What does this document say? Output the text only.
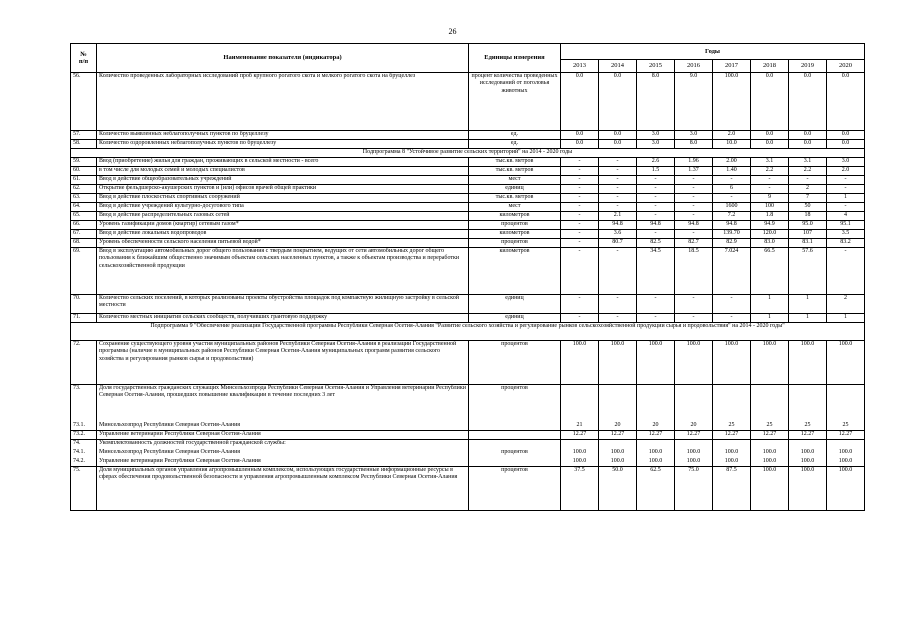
26
№
п/п	Наименование показателя (индикатора)	Единицы измерения	Годы							
			2013	2014	2015	2016	2017	2018	2019	2020
56.	Количество проведенных лабораторных исследований проб крупного рогатого скота и мелкого рогатого скота на бруцеллез	процент количества проведенных исследований от поголовья животных	0.0	0.0	8.0	9.0	100.0	0.0	0.0	0.0
57.	Количество выявленных неблагополучных пунктов по бруцеллезу	ед.	0.0	0.0	3.0	3.0	2.0	0.0	0.0	0.0
58.	Количество оздоровленных неблагополучных пунктов по бруцеллезу	ед.	0.0	0.0	3.0	8.0	10.0	0.0	0.0	0.0
Подпрограмма 8 "Устойчивое развитие сельских территорий" на 2014 - 2020 годы										
59.	Ввод (приобретение) жилья для граждан, проживающих в сельской местности - всего	тыс.кв. метров	-	-	2.6	1.96	2.00	3.1	3.1	3.0
60.	в том числе для молодых семей и молодых специалистов	тыс.кв. метров	-	-	1.5	1.37	1.40	2.2	2.2	2.0
61.	Ввод в действие общеобразовательных учреждений	мест	-	-	-	-	-	-	-	-
62.	Открытие фельдшерско-акушерских пунктов и (или) офисов врачей общей практики	единиц	-	-	-	-	6	-	2	-
63.	Ввод в действие плоскостных спортивных сооружений	тыс.кв. метров	-	-	-	-	-	9	7	1
64.	Ввод в действие учреждений культурно-досугового типа	мест	-	-	-	-	1600	100	50	-
65.	Ввод в действие распределительных газовых сетей	километров	-	2.1	-	-	7.2	1.8	18	4
66.	Уровень газификации домов (квартир) сетевым газом*	процентов	-	94.8	94.8	94.8	94.8	94.9	95.0	95.1
67.	Ввод в действие локальных водопроводов	километров	-	3.6	-	-	139.70	120.0	107	3.5
68.	Уровень обеспеченности сельского населения питьевой водой*	процентов	-	80.7	82.5	82.7	82.9	83.0	83.1	83.2
69.	Ввод в эксплуатацию автомобильных дорог общего пользования с твердым покрытием, ведущих от сети автомобильных дорог общего пользования к ближайшим общественно значимым объектам сельских населенных пунктов, а также к объектам производства и переработки сельскохозяйственной продукции	километров	-	-	34.5	18.5	7.024	66.5	57.6	-
70.	Количество сельских поселений, в которых реализованы проекты обустройства площадок под компактную жилищную застройку в сельской местности	единиц	-	-	-	-	-	1	1	2
71.	Количество местных инициатив сельских сообществ, получивших грантовую поддержку	единиц	-	-	-	-	-	1	1	1
Подпрограмма 9 "Обеспечение реализации Государственной программы Республики Северная Осетия-Алания "Развитие сельского хозяйства и регулирование рынков сельскохозяйственной продукции сырья и продовольствия" на 2014 - 2020 годы"										
72.	Сохранение существующего уровня участия муниципальных районов Республики Северная Осетия-Алания в реализации Государственной программы (наличие в муниципальных районов Республики Северная Осетия-Алания муниципальных программ развития сельского хозяйства и регулирования рынков сырья и продовольствия)	процентов	100.0	100.0	100.0	100.0	100.0	100.0	100.0	100.0
73.	Доля государственных гражданских служащих Минсельхозпрода Республики Северная Осетия-Алания и Управления ветеринарии Республики Северная Осетия-Алания, прошедших повышение квалификации в течение последних 3 лет	процентов								
73.1.	Минсельхозпрод Республики Северная Осетия-Алания		21	20	20	20	25	25	25	25
73.2.	Управление ветеринарии Республики Северная Осетия-Алания		12.27	12.27	12.27	12.27	12.27	12.27	12.27	12.27
74.	Укомплектованность должностей государственной гражданской службы:									
74.1.	Минсельхозпрод Республики Северная Осетия-Алания	процентов	100.0	100.0	100.0	100.0	100.0	100.0	100.0	100.0
74.2.	Управление ветеринарии Республики Северная Осетия-Алания		100.0	100.0	100.0	100.0	100.0	100.0	100.0	100.0
75.	Доля муниципальных органов управления агропромышленным комплексом, использующих государственные информационные ресурсы в сферах обеспечения продовольственной безопасности и управления агропромышленным комплексом Республики Северная Осетия-Алания	процентов	37.5	50.0	62.5	75.0	87.5	100.0	100.0	100.0
